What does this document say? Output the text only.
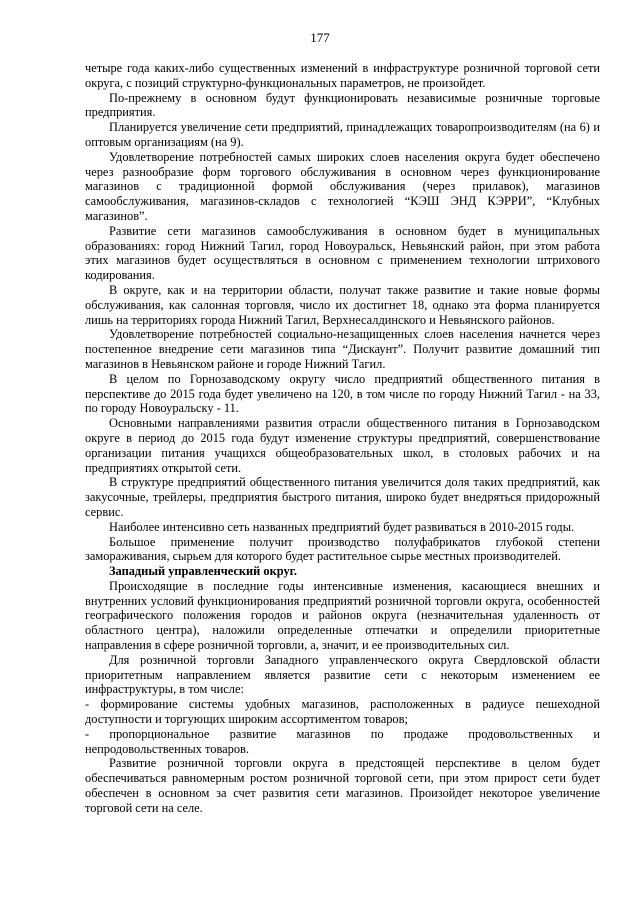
177

четыре года каких-либо существенных изменений в инфраструктуре розничной торговой сети округа, с позиций структурно-функциональных параметров, не произойдет.

По-прежнему в основном будут функционировать независимые розничные торговые предприятия.

Планируется увеличение сети предприятий, принадлежащих товаропроизводителям (на 6) и оптовым организациям (на 9).

Удовлетворение потребностей самых широких слоев населения округа будет обеспечено через разнообразие форм торгового обслуживания в основном через функционирование магазинов с традиционной формой обслуживания (через прилавок), магазинов самообслуживания, магазинов-складов с технологией “КЭШ ЭНД КЭРРИ”, “Клубных магазинов”.

Развитие сети магазинов самообслуживания в основном будет в муниципальных образованиях: город Нижний Тагил, город Новоуральск, Невьянский район, при этом работа этих магазинов будет осуществляться в основном с применением технологии штрихового кодирования.

В округе, как и на территории области, получат также развитие и такие новые формы обслуживания, как салонная торговля, число их достигнет 18, однако эта форма планируется лишь на территориях города Нижний Тагил, Верхнесалдинского и Невьянского районов.

Удовлетворение потребностей социально-незащищенных слоев населения начнется через постепенное внедрение сети магазинов типа “Дискаунт”. Получит развитие домашний тип магазинов в Невьянском районе и городе Нижний Тагил.

В целом по Горнозаводскому округу число предприятий общественного питания в перспективе до 2015 года будет увеличено на 120, в том числе по городу Нижний Тагил - на 33, по городу Новоуральску - 11.

Основными направлениями развития отрасли общественного питания в Горнозаводском округе в период до 2015 года будут изменение структуры предприятий, совершенствование организации питания учащихся общеобразовательных школ, в столовых рабочих и на предприятиях открытой сети.

В структуре предприятий общественного питания увеличится доля таких предприятий, как закусочные, трейлеры, предприятия быстрого питания, широко будет внедряться придорожный сервис.

Наиболее интенсивно сеть названных предприятий будет развиваться в 2010-2015 годы.

Большое применение получит производство полуфабрикатов глубокой степени замораживания, сырьем для которого будет растительное сырье местных производителей.

Западный управленческий округ.

Происходящие в последние годы интенсивные изменения, касающиеся внешних и внутренних условий функционирования предприятий розничной торговли округа, особенностей географического положения городов и районов округа (незначительная удаленность от областного центра), наложили определенные отпечатки и определили приоритетные направления в сфере розничной торговли, а, значит, и ее производительных сил.

Для розничной торговли Западного управленческого округа Свердловской области приоритетным направлением является развитие сети с некоторым изменением ее инфраструктуры, в том числе:

- формирование системы удобных магазинов, расположенных в радиусе пешеходной доступности и торгующих широким ассортиментом товаров;

- пропорциональное развитие магазинов по продаже продовольственных и непродовольственных товаров.

Развитие розничной торговли округа в предстоящей перспективе в целом будет обеспечиваться равномерным ростом розничной торговой сети, при этом прирост сети будет обеспечен в основном за счет развития сети магазинов. Произойдет некоторое увеличение торговой сети на селе.
